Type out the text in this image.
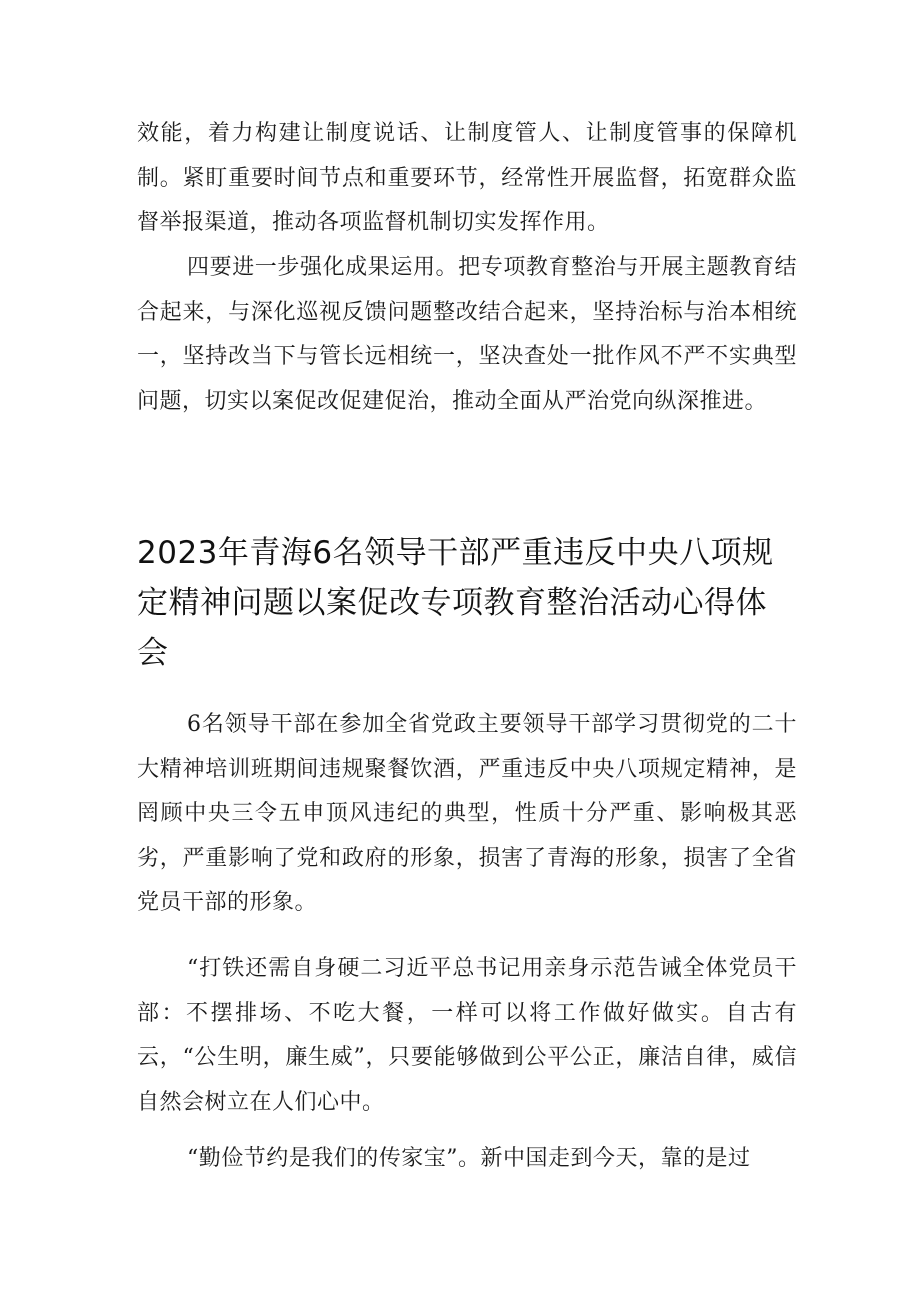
效能，着力构建让制度说话、让制度管人、让制度管事的保障机制。紧盯重要时间节点和重要环节，经常性开展监督，拓宽群众监督举报渠道，推动各项监督机制切实发挥作用。

四要进一步强化成果运用。把专项教育整治与开展主题教育结合起来，与深化巡视反馈问题整改结合起来，坚持治标与治本相统一，坚持改当下与管长远相统一，坚决查处一批作风不严不实典型问题，切实以案促改促建促治，推动全面从严治党向纵深推进。

2023年青海6名领导干部严重违反中央八项规定精神问题以案促改专项教育整治活动心得体会

6名领导干部在参加全省党政主要领导干部学习贯彻党的二十大精神培训班期间违规聚餐饮酒，严重违反中央八项规定精神，是罔顾中央三令五申顶风违纪的典型，性质十分严重、影响极其恶劣，严重影响了党和政府的形象，损害了青海的形象，损害了全省党员干部的形象。

“打铁还需自身硬二习近平总书记用亲身示范告诫全体党员干部：不摆排场、不吃大餐，一样可以将工作做好做实。自古有云，“公生明，廉生威”，只要能够做到公平公正，廉洁自律，威信自然会树立在人们心中。

“勤俭节约是我们的传家宝”。新中国走到今天，靠的是过
